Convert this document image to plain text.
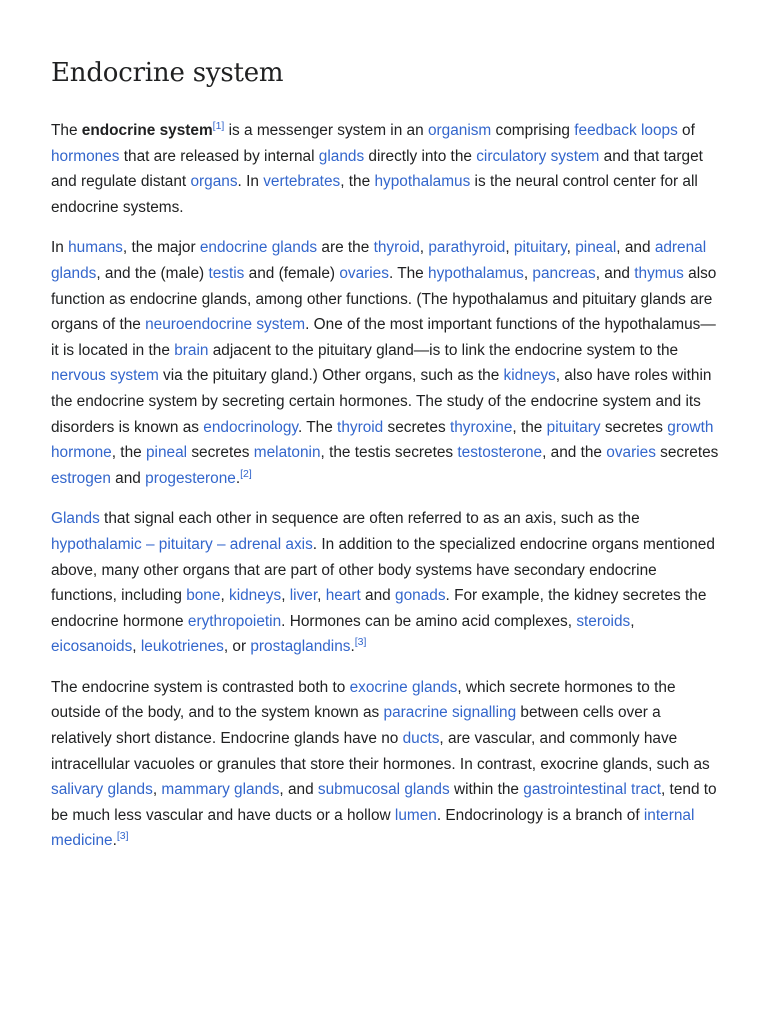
Endocrine system

The endocrine system[1] is a messenger system in an organism comprising feedback loops of hormones that are released by internal glands directly into the circulatory system and that target and regulate distant organs. In vertebrates, the hypothalamus is the neural control center for all endocrine systems.

In humans, the major endocrine glands are the thyroid, parathyroid, pituitary, pineal, and adrenal glands, and the (male) testis and (female) ovaries. The hypothalamus, pancreas, and thymus also function as endocrine glands, among other functions. (The hypothalamus and pituitary glands are organs of the neuroendocrine system. One of the most important functions of the hypothalamus—it is located in the brain adjacent to the pituitary gland—is to link the endocrine system to the nervous system via the pituitary gland.) Other organs, such as the kidneys, also have roles within the endocrine system by secreting certain hormones. The study of the endocrine system and its disorders is known as endocrinology. The thyroid secretes thyroxine, the pituitary secretes growth hormone, the pineal secretes melatonin, the testis secretes testosterone, and the ovaries secretes estrogen and progesterone.[2]

Glands that signal each other in sequence are often referred to as an axis, such as the hypothalamic – pituitary – adrenal axis. In addition to the specialized endocrine organs mentioned above, many other organs that are part of other body systems have secondary endocrine functions, including bone, kidneys, liver, heart and gonads. For example, the kidney secretes the endocrine hormone erythropoietin. Hormones can be amino acid complexes, steroids, eicosanoids, leukotrienes, or prostaglandins.[3]

The endocrine system is contrasted both to exocrine glands, which secrete hormones to the outside of the body, and to the system known as paracrine signalling between cells over a relatively short distance. Endocrine glands have no ducts, are vascular, and commonly have intracellular vacuoles or granules that store their hormones. In contrast, exocrine glands, such as salivary glands, mammary glands, and submucosal glands within the gastrointestinal tract, tend to be much less vascular and have ducts or a hollow lumen. Endocrinology is a branch of internal medicine.[3]
